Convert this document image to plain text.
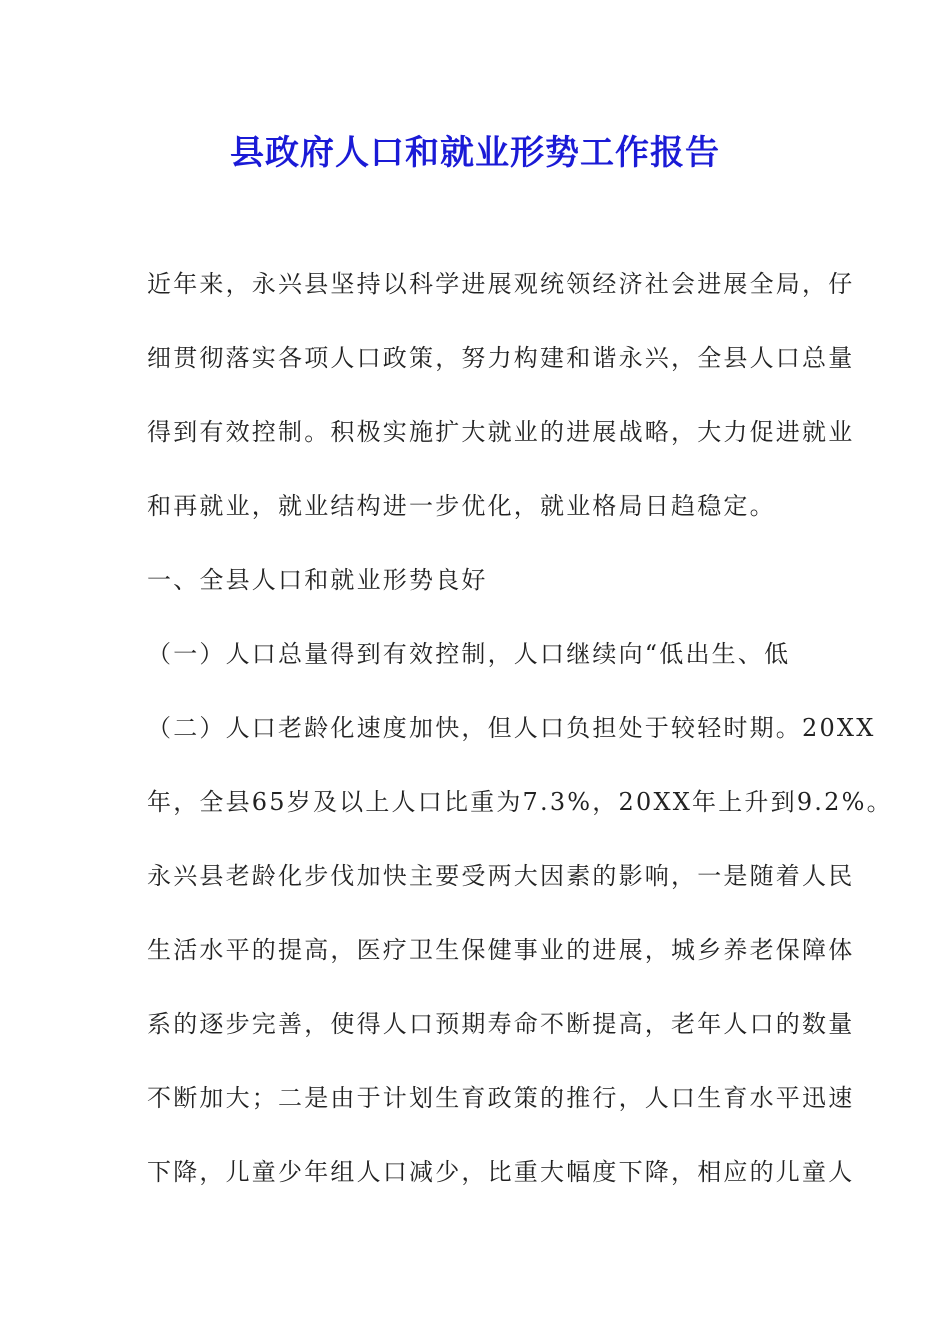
县政府人口和就业形势工作报告
近年来，永兴县坚持以科学进展观统领经济社会进展全局，仔
细贯彻落实各项人口政策，努力构建和谐永兴，全县人口总量
得到有效控制。积极实施扩大就业的进展战略，大力促进就业
和再就业，就业结构进一步优化，就业格局日趋稳定。
一、全县人口和就业形势良好
（一）人口总量得到有效控制，人口继续向“低出生、低
（二）人口老龄化速度加快，但人口负担处于较轻时期。20XX
年，全县65岁及以上人口比重为7.3%，20XX年上升到9.2%。
永兴县老龄化步伐加快主要受两大因素的影响，一是随着人民
生活水平的提高，医疗卫生保健事业的进展，城乡养老保障体
系的逐步完善，使得人口预期寿命不断提高，老年人口的数量
不断加大；二是由于计划生育政策的推行，人口生育水平迅速
下降，儿童少年组人口减少，比重大幅度下降，相应的儿童人
